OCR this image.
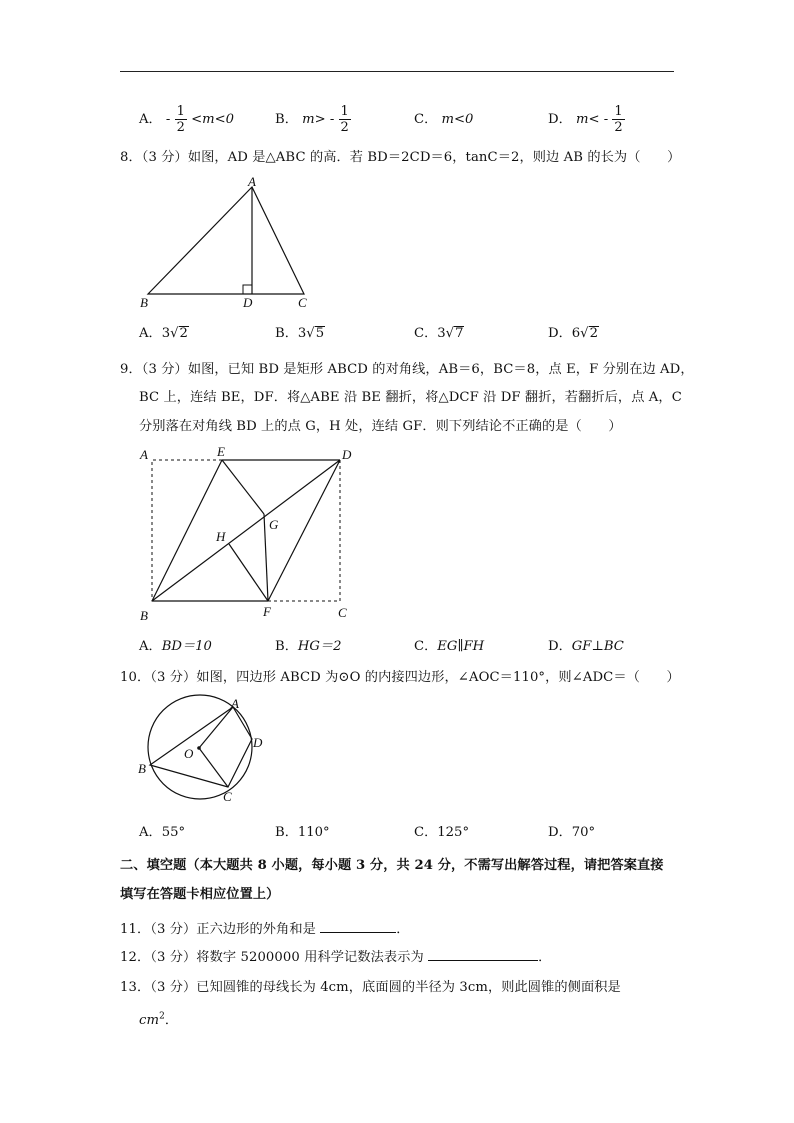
A． - $\frac{1}{2} <m<0$	B． $m> - \frac{1}{2}$	C． m<0	D． $m< - \frac{1}{2}$
8．（3 分）如图，AD 是△ABC 的高．若 BD＝2CD＝6，tanC＝2，则边 AB 的长为（　　）
A
B	C
D
A．3√2	B．3√5	C．3√7	D．6√2
9．（3 分）如图，已知 BD 是矩形 ABCD 的对角线，AB＝6，BC＝8，点 E，F 分别在边 AD，
BC 上，连结 BE，DF．将△ABE 沿 BE 翻折，将△DCF 沿 DF 翻折，若翻折后，点 A，C
分别落在对角线 BD 上的点 G，H 处，连结 GF．则下列结论不正确的是（　　）
A	E	D
G
H
B	F	C
A．BD＝10	B．HG＝2	C．EG∥FH	D．GF⊥BC
10．（3 分）如图，四边形 ABCD 为⊙O 的内接四边形，∠AOC＝110°，则∠ADC＝（　　）
A
D
O
B
C
A．55°	B．110°	C．125°	D．70°
二、填空题（本大题共 8 小题，每小题 3 分，共 24 分，不需写出解答过程，请把答案直接
填写在答题卡相应位置上）
11．（3 分）正六边形的外角和是	．
12．（3 分）将数字 5200000 用科学记数法表示为	．
13．（3 分）已知圆锥的母线长为 4cm，底面圆的半径为 3cm，则此圆锥的侧面积是
$cm^2$．
